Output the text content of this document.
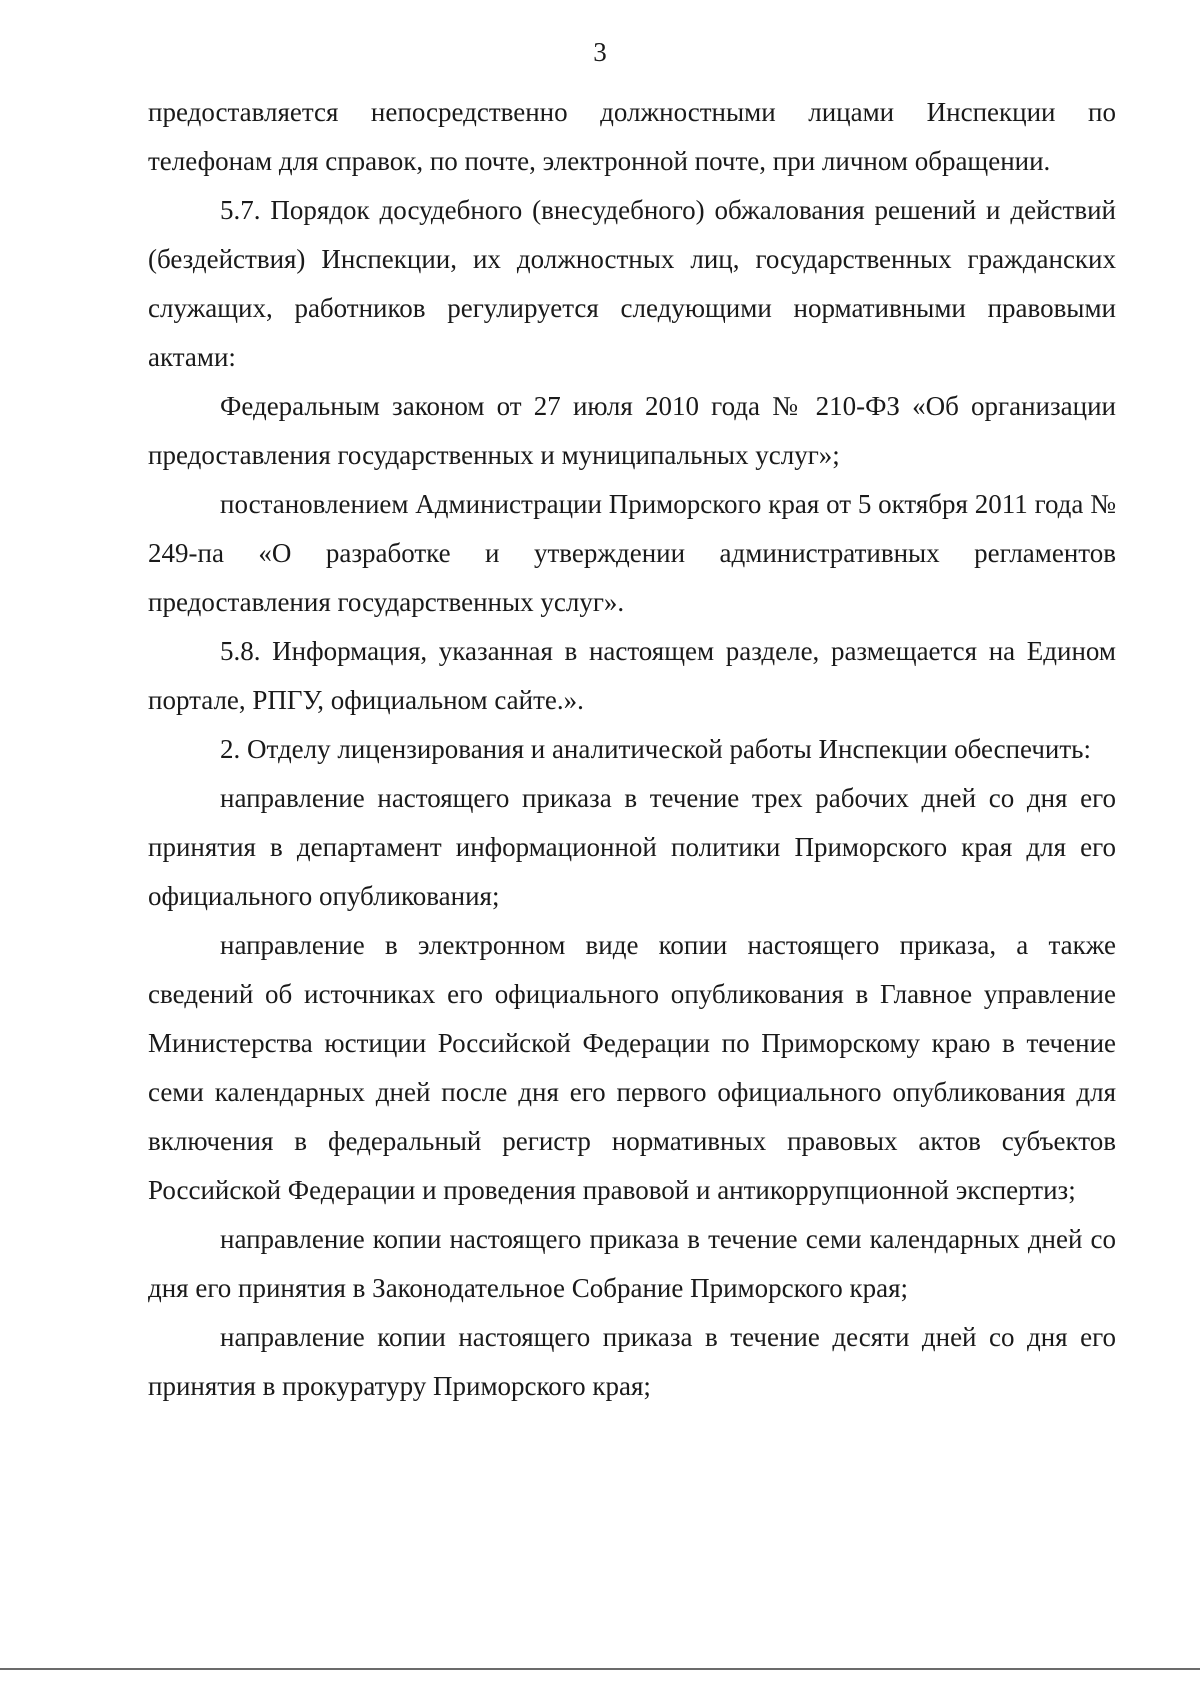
3

предоставляется непосредственно должностными лицами Инспекции по телефонам для справок, по почте, электронной почте, при личном обращении.

5.7. Порядок досудебного (внесудебного) обжалования решений и действий (бездействия) Инспекции, их должностных лиц, государственных гражданских служащих, работников регулируется следующими нормативными правовыми актами:

Федеральным законом от 27 июля 2010 года № 210-ФЗ «Об организации предоставления государственных и муниципальных услуг»;

постановлением Администрации Приморского края от 5 октября 2011 года № 249-па «О разработке и утверждении административных регламентов предоставления государственных услуг».

5.8. Информация, указанная в настоящем разделе, размещается на Едином портале, РПГУ, официальном сайте.».

2. Отделу лицензирования и аналитической работы Инспекции обеспечить:

направление настоящего приказа в течение трех рабочих дней со дня его принятия в департамент информационной политики Приморского края для его официального опубликования;

направление в электронном виде копии настоящего приказа, а также сведений об источниках его официального опубликования в Главное управление Министерства юстиции Российской Федерации по Приморскому краю в течение семи календарных дней после дня его первого официального опубликования для включения в федеральный регистр нормативных правовых актов субъектов Российской Федерации и проведения правовой и антикоррупционной экспертиз;

направление копии настоящего приказа в течение семи календарных дней со дня его принятия в Законодательное Собрание Приморского края;

направление копии настоящего приказа в течение десяти дней со дня его принятия в прокуратуру Приморского края;
